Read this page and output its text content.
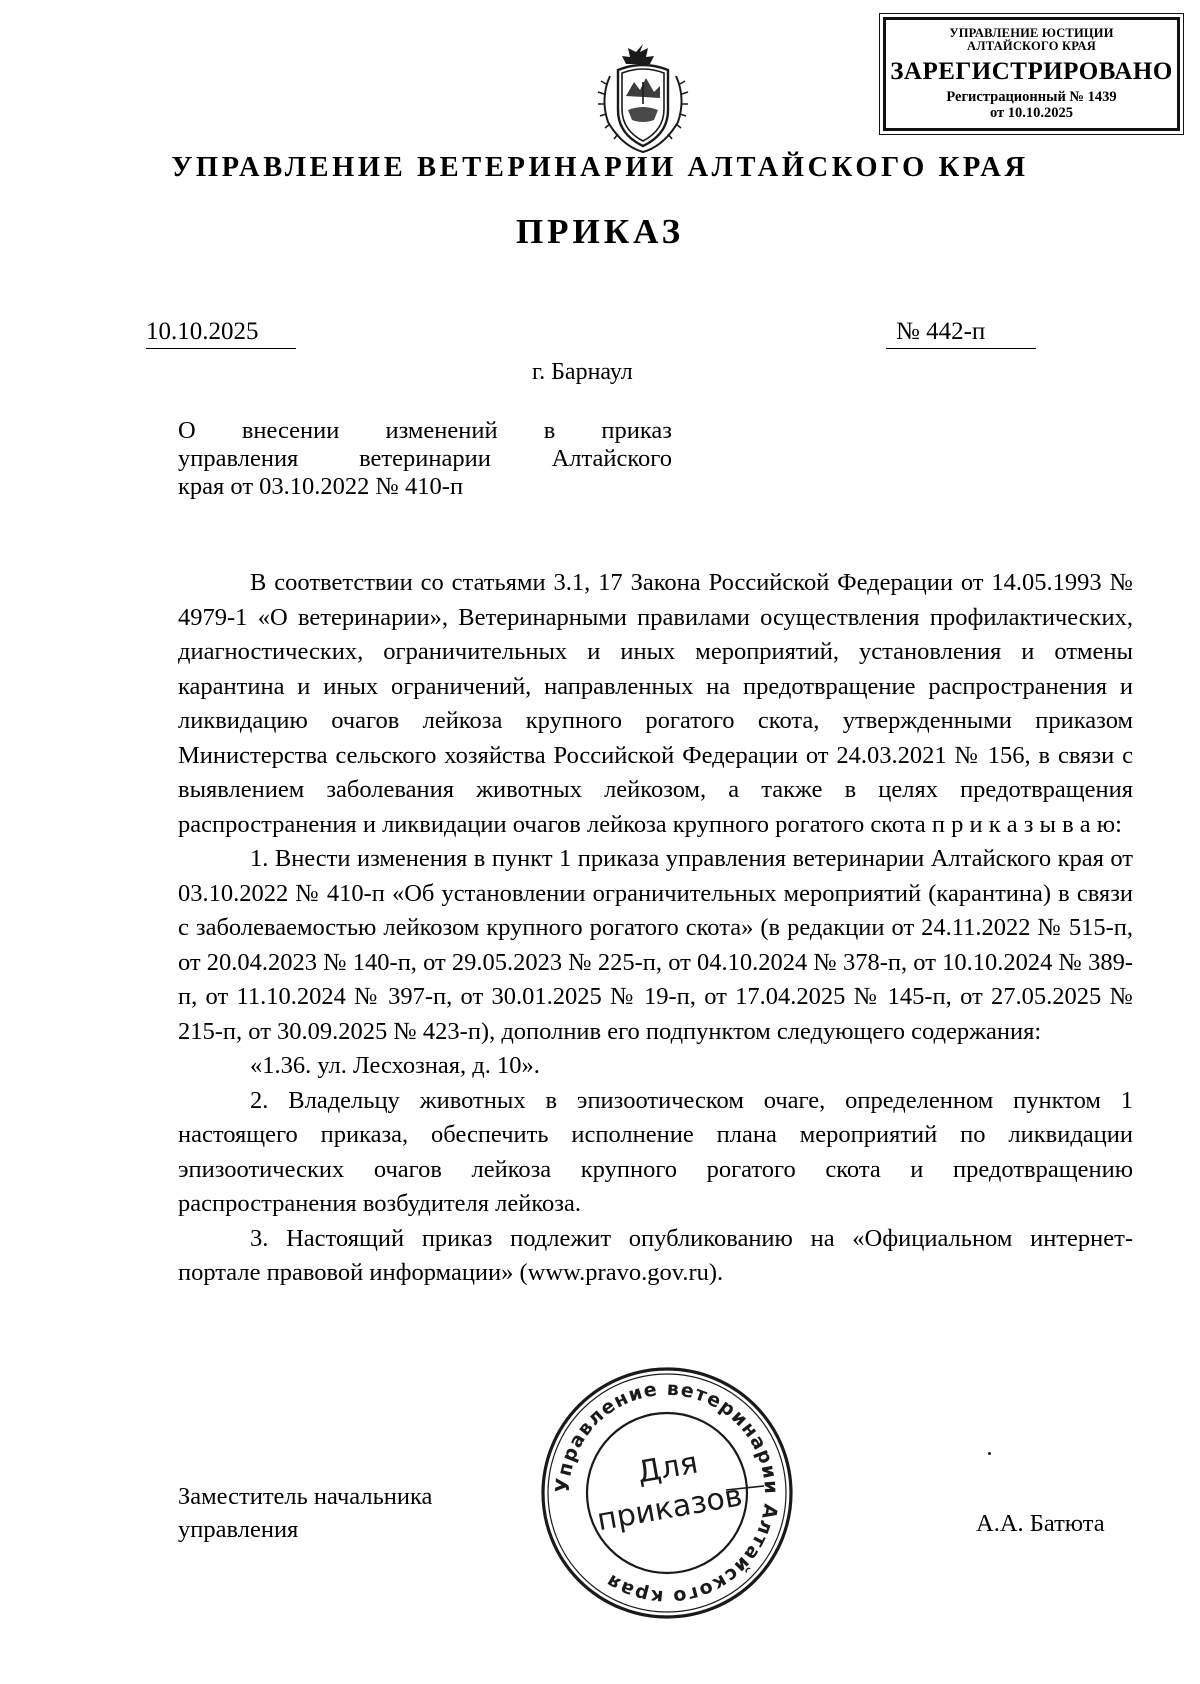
УПРАВЛЕНИЕ ЮСТИЦИИ
АЛТАЙСКОГО КРАЯ
ЗАРЕГИСТРИРОВАНО
Регистрационный № 1439
от 10.10.2025
УПРАВЛЕНИЕ ВЕТЕРИНАРИИ АЛТАЙСКОГО КРАЯ
ПРИКАЗ
10.10.2025	№ 442-п
г. Барнаул
О внесении изменений в приказ
управления ветеринарии Алтайского
края от 03.10.2022 № 410-п

В соответствии со статьями 3.1, 17 Закона Российской Федерации от 14.05.1993 № 4979-1 «О ветеринарии», Ветеринарными правилами осуществления профилактических, диагностических, ограничительных и иных мероприятий, установления и отмены карантина и иных ограничений, направленных на предотвращение распространения и ликвидацию очагов лейкоза крупного рогатого скота, утвержденными приказом Министерства сельского хозяйства Российской Федерации от 24.03.2021 № 156, в связи с выявлением заболевания животных лейкозом, а также в целях предотвращения распространения и ликвидации очагов лейкоза крупного рогатого скота п р и к а з ы в а ю:

1. Внести изменения в пункт 1 приказа управления ветеринарии Алтайского края от 03.10.2022 № 410-п «Об установлении ограничительных мероприятий (карантина) в связи с заболеваемостью лейкозом крупного рогатого скота» (в редакции от 24.11.2022 № 515-п, от 20.04.2023 № 140-п, от 29.05.2023 № 225-п, от 04.10.2024 № 378-п, от 10.10.2024 № 389-п, от 11.10.2024 № 397-п, от 30.01.2025 № 19-п, от 17.04.2025 № 145-п, от 27.05.2025 № 215-п, от 30.09.2025 № 423-п), дополнив его подпунктом следующего содержания:

«1.36. ул. Лесхозная, д. 10».

2. Владельцу животных в эпизоотическом очаге, определенном пунктом 1 настоящего приказа, обеспечить исполнение плана мероприятий по ликвидации эпизоотических очагов лейкоза крупного рогатого скота и предотвращению распространения возбудителя лейкоза.

3. Настоящий приказ подлежит опубликованию на «Официальном интернет-портале правовой информации» (www.pravo.gov.ru).

Заместитель начальника
управления	А.А. Батюта
Управление ветеринарии Алтайского края
Для
приказов
